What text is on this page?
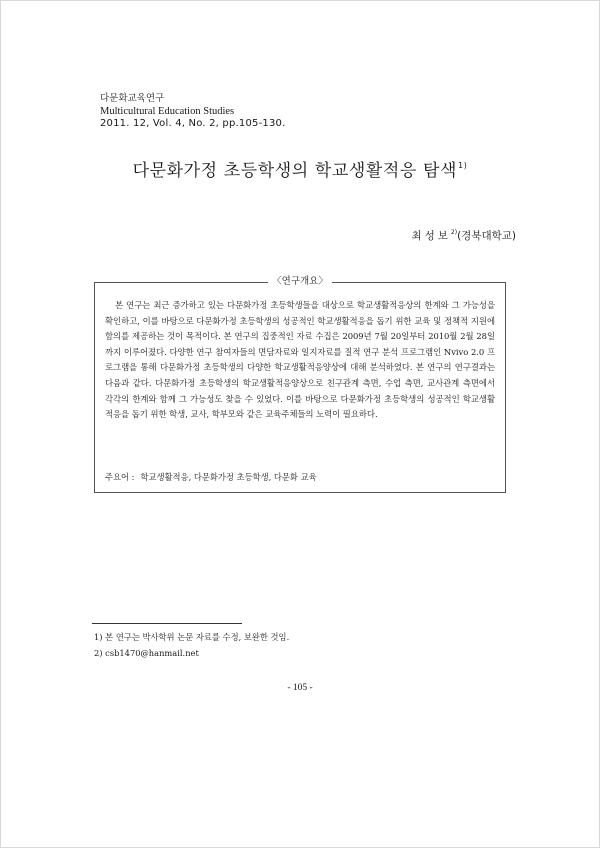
다문화교육연구
Multicultural Education Studies
2011. 12, Vol. 4, No. 2, pp.105-130.
다문화가정 초등학생의 학교생활적응 탐색$^{1)}$
최성보$^{2)}$(경북대학교)
〈연구개요〉
본 연구는 최근 증가하고 있는 다문화가정 초등학생들을 대상으로 학교생활적응상의 한계와 그 가능성을 확인하고, 이를 바탕으로 다문화가정 초등학생의 성공적인 학교생활적응을 돕기 위한 교육 및 정책적 지원에 함의를 제공하는 것이 목적이다. 본 연구의 집중적인 자료 수집은 2009년 7월 20일부터 2010월 2월 28일까지 이루어졌다. 다양한 연구 참여자들의 면담자료와 일지자료를 질적 연구 분석 프로그램인 Nvivo 2.0 프로그램을 통해 다문화가정 초등학생의 다양한 학교생활적응양상에 대해 분석하였다. 본 연구의 연구결과는 다음과 같다. 다문화가정 초등학생의 학교생활적응양상으로 친구관계 측면, 수업 측면, 교사관계 측면에서 각각의 한계와 함께 그 가능성도 찾을 수 있었다. 이를 바탕으로 다문화가정 초등학생의 성공적인 학교생활적응을 돕기 위한 학생, 교사, 학부모와 같은 교육주체들의 노력이 필요하다.
주요어 : 학교생활적응, 다문화가정 초등학생, 다문화 교육
1) 본 연구는 박사학위 논문 자료를 수정, 보완한 것임.
2) csb1470@hanmail.net
- 105 -
